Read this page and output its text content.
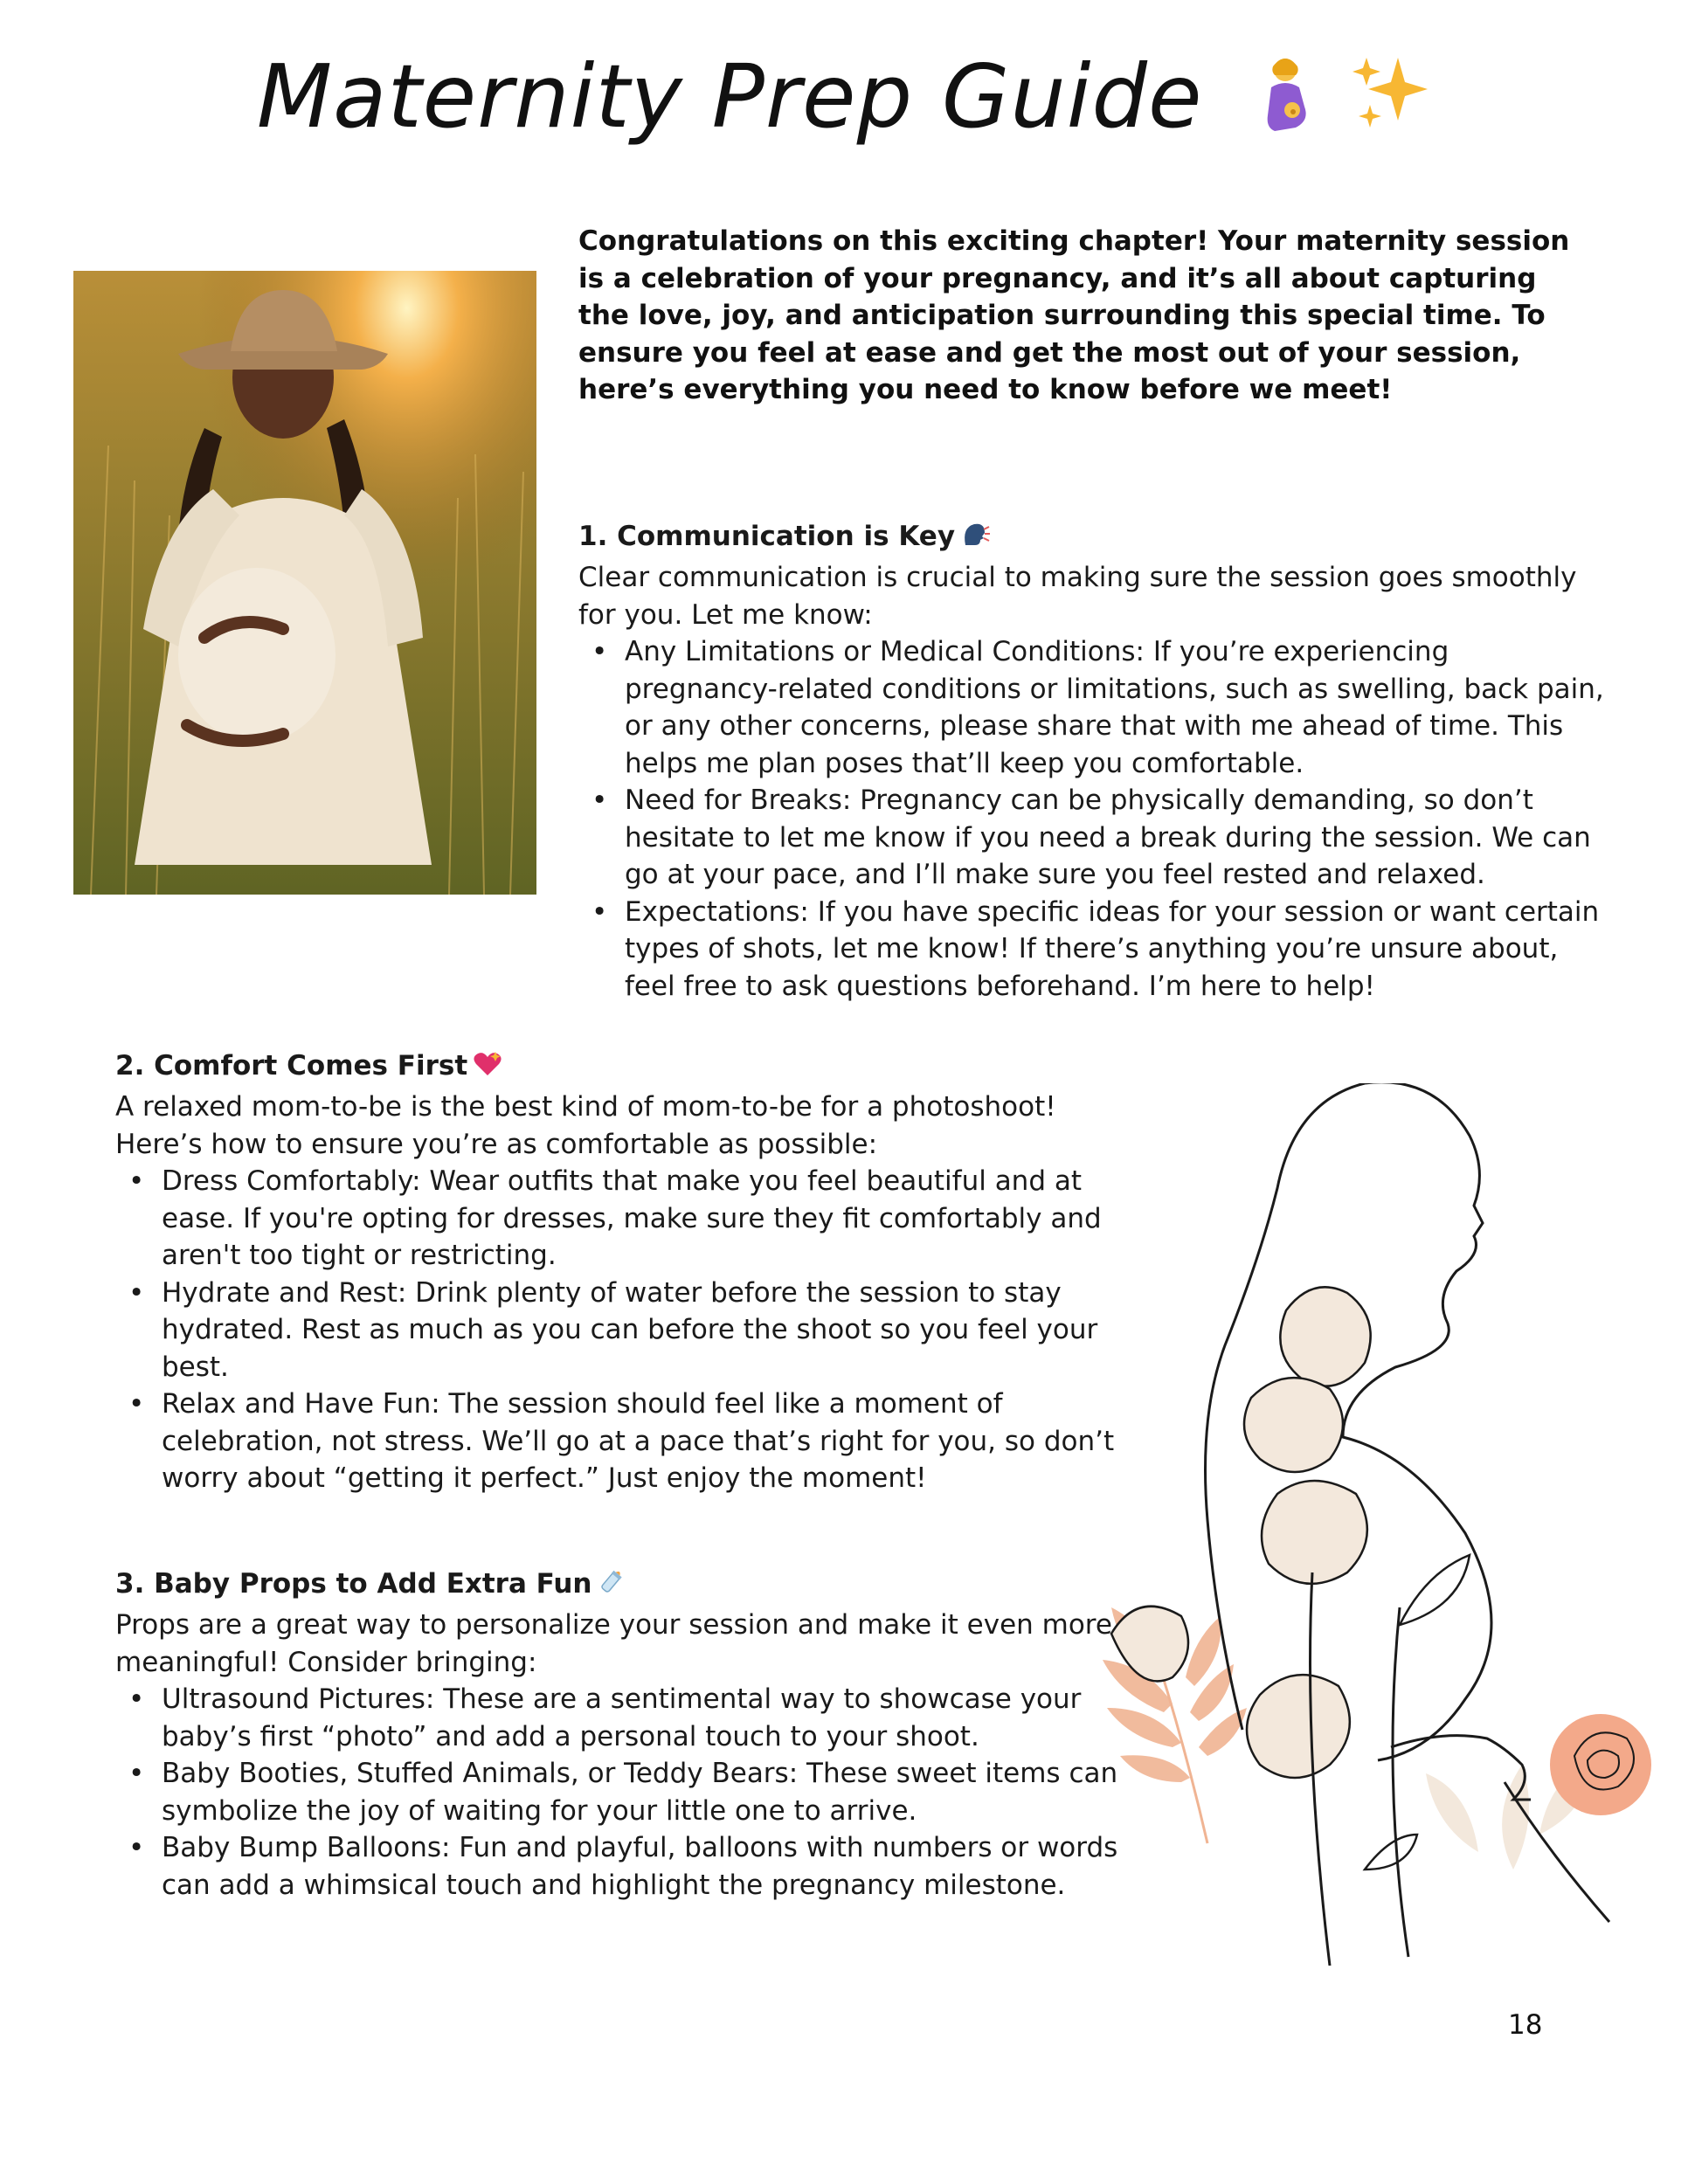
Maternity Prep Guide
Congratulations on this exciting chapter! Your maternity session is a celebration of your pregnancy, and it’s all about capturing the love, joy, and anticipation surrounding this special time. To ensure you feel at ease and get the most out of your session, here’s everything you need to know before we meet!

1. Communication is Key

Clear communication is crucial to making sure the session goes smoothly for you. Let me know:

• Any Limitations or Medical Conditions: If you’re experiencing pregnancy-related conditions or limitations, such as swelling, back pain, or any other concerns, please share that with me ahead of time. This helps me plan poses that’ll keep you comfortable.
• Need for Breaks: Pregnancy can be physically demanding, so don’t hesitate to let me know if you need a break during the session. We can go at your pace, and I’ll make sure you feel rested and relaxed.
• Expectations: If you have specific ideas for your session or want certain types of shots, let me know! If there’s anything you’re unsure about, feel free to ask questions beforehand. I’m here to help!

2. Comfort Comes First

A relaxed mom-to-be is the best kind of mom-to-be for a photoshoot! Here’s how to ensure you’re as comfortable as possible:

• Dress Comfortably: Wear outfits that make you feel beautiful and at ease. If you're opting for dresses, make sure they fit comfortably and aren't too tight or restricting.
• Hydrate and Rest: Drink plenty of water before the session to stay hydrated. Rest as much as you can before the shoot so you feel your best.
• Relax and Have Fun: The session should feel like a moment of celebration, not stress. We’ll go at a pace that’s right for you, so don’t worry about “getting it perfect.” Just enjoy the moment!

3. Baby Props to Add Extra Fun

Props are a great way to personalize your session and make it even more meaningful! Consider bringing:

• Ultrasound Pictures: These are a sentimental way to showcase your baby’s first “photo” and add a personal touch to your shoot.
• Baby Booties, Stuffed Animals, or Teddy Bears: These sweet items can symbolize the joy of waiting for your little one to arrive.
• Baby Bump Balloons: Fun and playful, balloons with numbers or words can add a whimsical touch and highlight the pregnancy milestone.
18
